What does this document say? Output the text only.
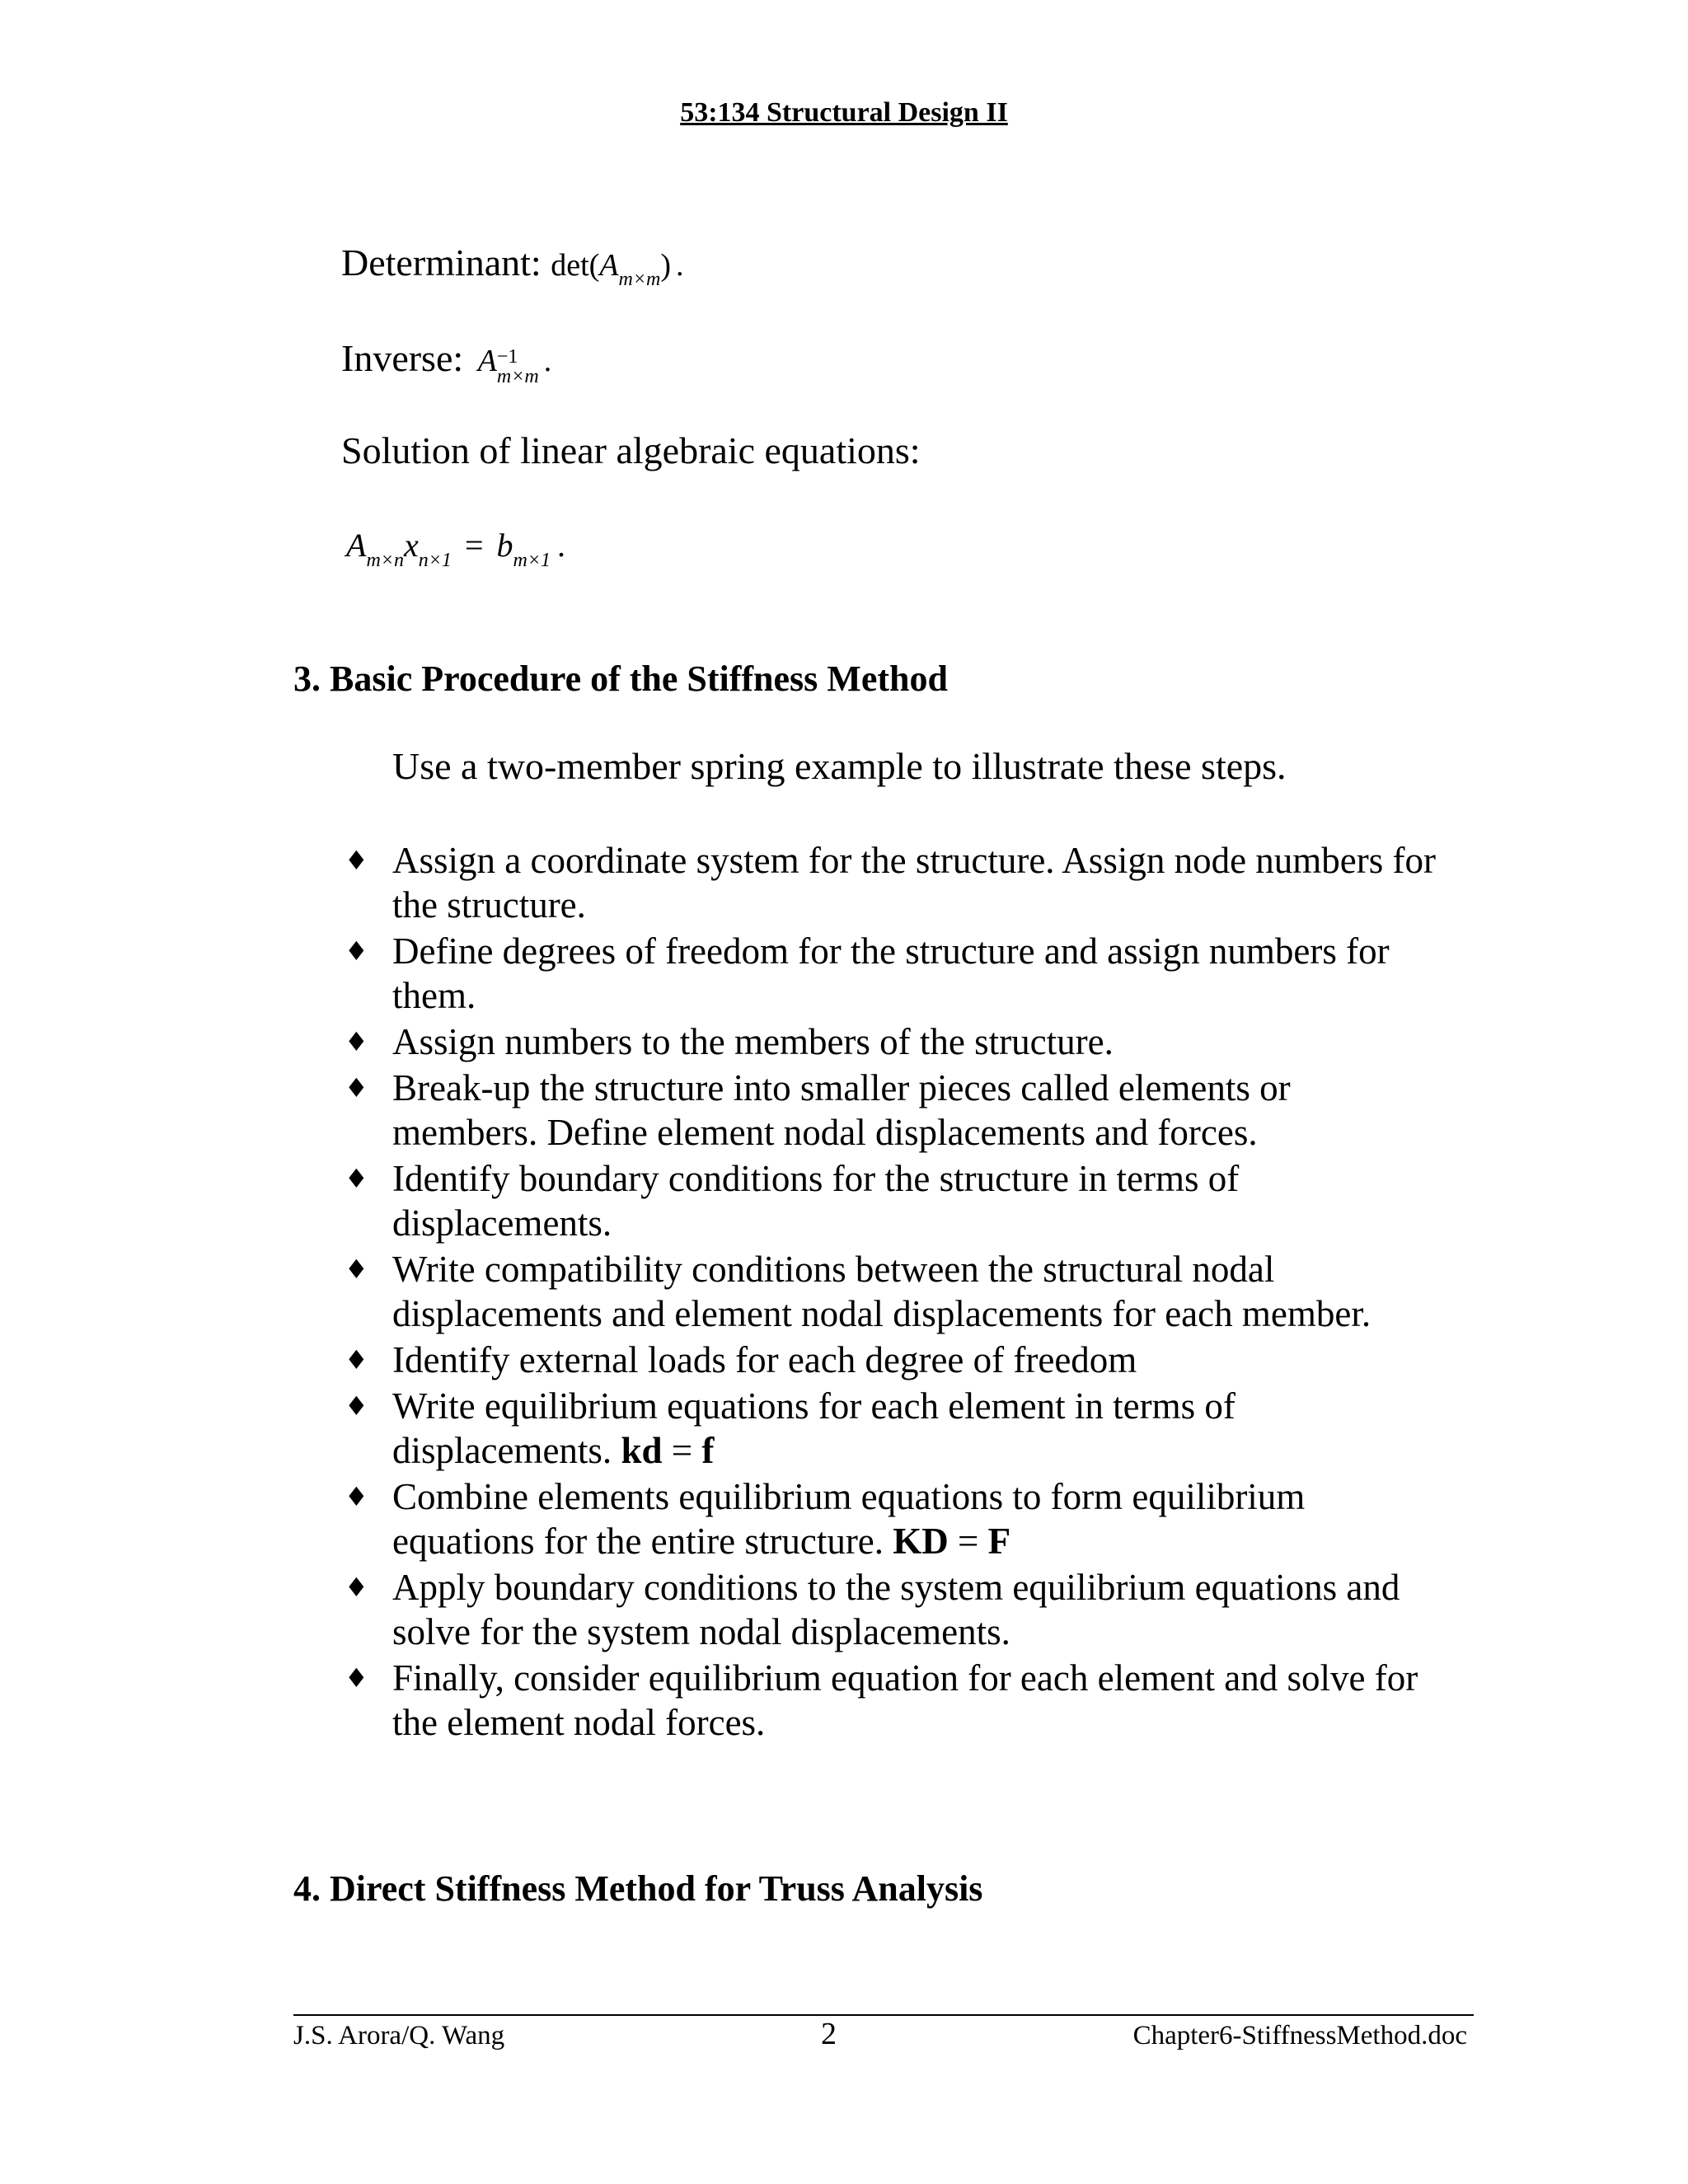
53:134 Structural Design II
Determinant: $\det(A_{m\times m})$ .
Inverse: A −1
m×m .
Solution of linear algebraic equations:
$A_{m\times n}x_{n\times 1} = b_{m\times 1}$ .
3. Basic Procedure of the Stiffness Method
Use a two-member spring example to illustrate these steps.
♦ Assign a coordinate system for the structure. Assign node numbers for the structure.
♦ Define degrees of freedom for the structure and assign numbers for them.
♦ Assign numbers to the members of the structure.
♦ Break-up the structure into smaller pieces called elements or members. Define element nodal displacements and forces.
♦ Identify boundary conditions for the structure in terms of displacements.
♦ Write compatibility conditions between the structural nodal displacements and element nodal displacements for each member.
♦ Identify external loads for each degree of freedom
♦ Write equilibrium equations for each element in terms of displacements. kd = f
♦ Combine elements equilibrium equations to form equilibrium equations for the entire structure. KD = F
♦ Apply boundary conditions to the system equilibrium equations and solve for the system nodal displacements.
♦ Finally, consider equilibrium equation for each element and solve for the element nodal forces.
4. Direct Stiffness Method for Truss Analysis
J.S. Arora/Q. Wang	2	Chapter6-StiffnessMethod.doc
